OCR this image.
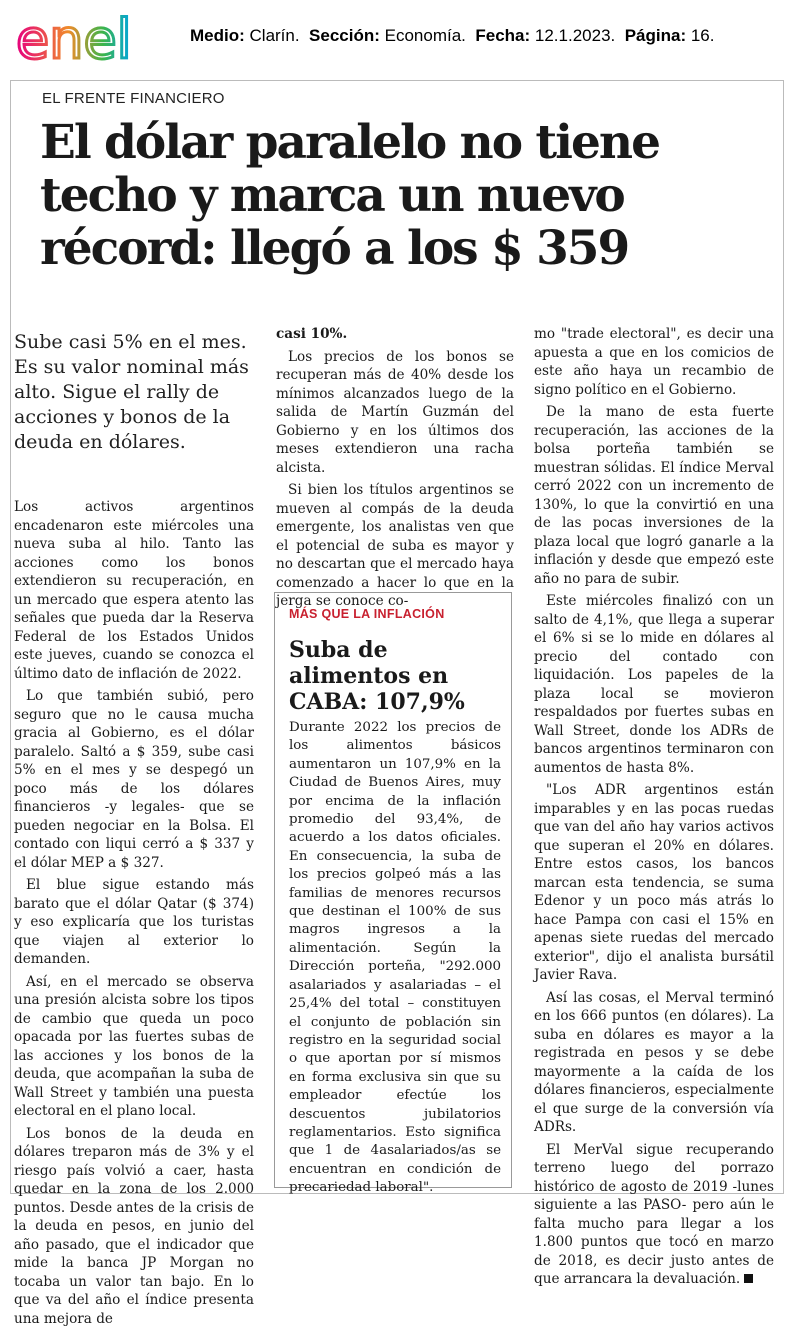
enel	Medio: Clarín. Sección: Economía. Fecha: 12.1.2023. Página: 16.
EL FRENTE FINANCIERO
El dólar paralelo no tiene techo y marca un nuevo récord: llegó a los $ 359

Sube casi 5% en el mes. Es su valor nominal más alto. Sigue el rally de acciones y bonos de la deuda en dólares.

Los activos argentinos encadenaron este miércoles una nueva suba al hilo. Tanto las acciones como los bonos extendieron su recuperación, en un mercado que espera atento las señales que pueda dar la Reserva Federal de los Estados Unidos este jueves, cuando se conozca el último dato de inflación de 2022.

Lo que también subió, pero seguro que no le causa mucha gracia al Gobierno, es el dólar paralelo. Saltó a $ 359, sube casi 5% en el mes y se despegó un poco más de los dólares financieros -y legales- que se pueden negociar en la Bolsa. El contado con liqui cerró a $ 337 y el dólar MEP a $ 327.

El blue sigue estando más barato que el dólar Qatar ($ 374) y eso explicaría que los turistas que viajen al exterior lo demanden.

Así, en el mercado se observa una presión alcista sobre los tipos de cambio que queda un poco opacada por las fuertes subas de las acciones y los bonos de la deuda, que acompañan la suba de Wall Street y también una puesta electoral en el plano local.

Los bonos de la deuda en dólares treparon más de 3% y el riesgo país volvió a caer, hasta quedar en la zona de los 2.000 puntos. Desde antes de la crisis de la deuda en pesos, en junio del año pasado, que el indicador que mide la banca JP Morgan no tocaba un valor tan bajo. En lo que va del año el índice presenta una mejora de

casi 10%.

Los precios de los bonos se recuperan más de 40% desde los mínimos alcanzados luego de la salida de Martín Guzmán del Gobierno y en los últimos dos meses extendieron una racha alcista.

Si bien los títulos argentinos se mueven al compás de la deuda emergente, los analistas ven que el potencial de suba es mayor y no descartan que el mercado haya comenzado a hacer lo que en la jerga se conoce co-

MÁS QUE LA INFLACIÓN
Suba de alimentos en CABA: 107,9%

Durante 2022 los precios de los alimentos básicos aumentaron un 107,9% en la Ciudad de Buenos Aires, muy por encima de la inflación promedio del 93,4%, de acuerdo a los datos oficiales. En consecuencia, la suba de los precios golpeó más a las familias de menores recursos que destinan el 100% de sus magros ingresos a la alimentación. Según la Dirección porteña, "292.000 asalariados y asalariadas – el 25,4% del total – constituyen el conjunto de población sin registro en la seguridad social o que aportan por sí mismos en forma exclusiva sin que su empleador efectúe los descuentos jubilatorios reglamentarios. Esto significa que 1 de 4asalariados/as se encuentran en condición de precariedad laboral".

mo "trade electoral", es decir una apuesta a que en los comicios de este año haya un recambio de signo político en el Gobierno.

De la mano de esta fuerte recuperación, las acciones de la bolsa porteña también se muestran sólidas. El índice Merval cerró 2022 con un incremento de 130%, lo que la convirtió en una de las pocas inversiones de la plaza local que logró ganarle a la inflación y desde que empezó este año no para de subir.

Este miércoles finalizó con un salto de 4,1%, que llega a superar el 6% si se lo mide en dólares al precio del contado con liquidación. Los papeles de la plaza local se movieron respaldados por fuertes subas en Wall Street, donde los ADRs de bancos argentinos terminaron con aumentos de hasta 8%.

"Los ADR argentinos están imparables y en las pocas ruedas que van del año hay varios activos que superan el 20% en dólares. Entre estos casos, los bancos marcan esta tendencia, se suma Edenor y un poco más atrás lo hace Pampa con casi el 15% en apenas siete ruedas del mercado exterior", dijo el analista bursátil Javier Rava.

Así las cosas, el Merval terminó en los 666 puntos (en dólares). La suba en dólares es mayor a la registrada en pesos y se debe mayormente a la caída de los dólares financieros, especialmente el que surge de la conversión vía ADRs.

El MerVal sigue recuperando terreno luego del porrazo histórico de agosto de 2019 -lunes siguiente a las PASO- pero aún le falta mucho para llegar a los 1.800 puntos que tocó en marzo de 2018, es decir justo antes de que arrancara la devaluación.
